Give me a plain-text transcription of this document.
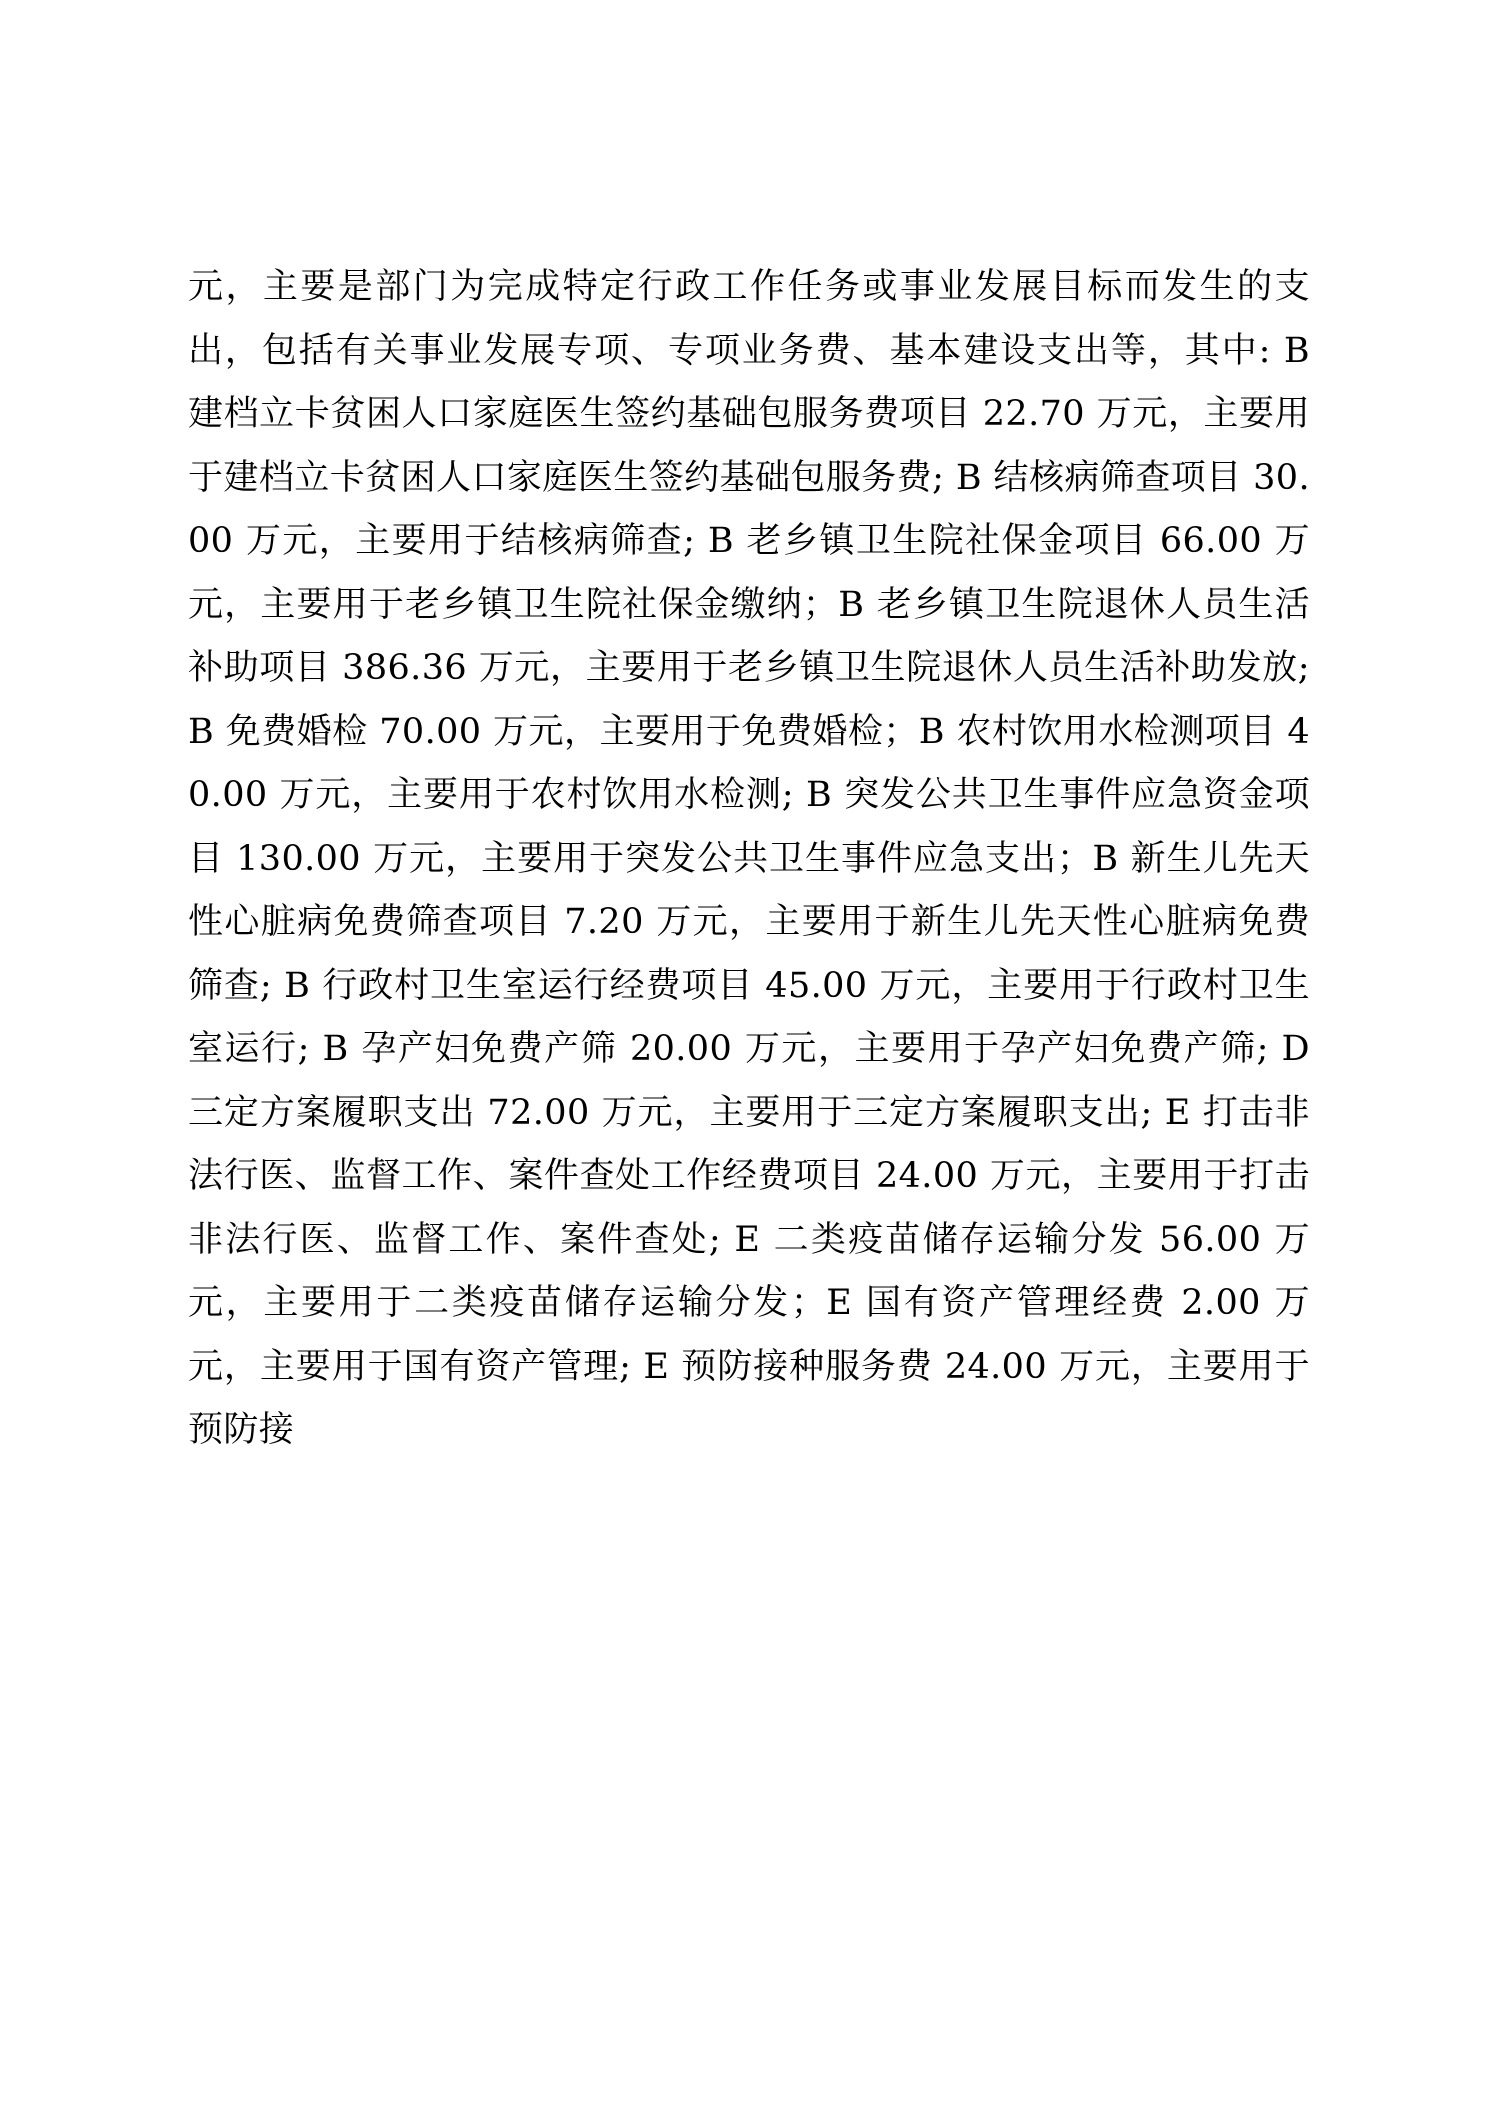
元，主要是部门为完成特定行政工作任务或事业发展目标而发生的支出，包括有关事业发展专项、专项业务费、基本建设支出等，其中: B 建档立卡贫困人口家庭医生签约基础包服务费项目 22.70 万元，主要用于建档立卡贫困人口家庭医生签约基础包服务费; B 结核病筛查项目 30.00 万元，主要用于结核病筛查; B 老乡镇卫生院社保金项目 66.00 万元，主要用于老乡镇卫生院社保金缴纳；B 老乡镇卫生院退休人员生活补助项目 386.36 万元，主要用于老乡镇卫生院退休人员生活补助发放; B 免费婚检 70.00 万元，主要用于免费婚检；B 农村饮用水检测项目 40.00 万元，主要用于农村饮用水检测; B 突发公共卫生事件应急资金项目 130.00 万元，主要用于突发公共卫生事件应急支出；B 新生儿先天性心脏病免费筛查项目 7.20 万元，主要用于新生儿先天性心脏病免费筛查; B 行政村卫生室运行经费项目 45.00 万元，主要用于行政村卫生室运行; B 孕产妇免费产筛 20.00 万元，主要用于孕产妇免费产筛; D 三定方案履职支出 72.00 万元，主要用于三定方案履职支出; E 打击非法行医、监督工作、案件查处工作经费项目 24.00 万元，主要用于打击非法行医、监督工作、案件查处; E 二类疫苗储存运输分发 56.00 万元，主要用于二类疫苗储存运输分发；E 国有资产管理经费 2.00 万元，主要用于国有资产管理; E 预防接种服务费 24.00 万元，主要用于预防接
